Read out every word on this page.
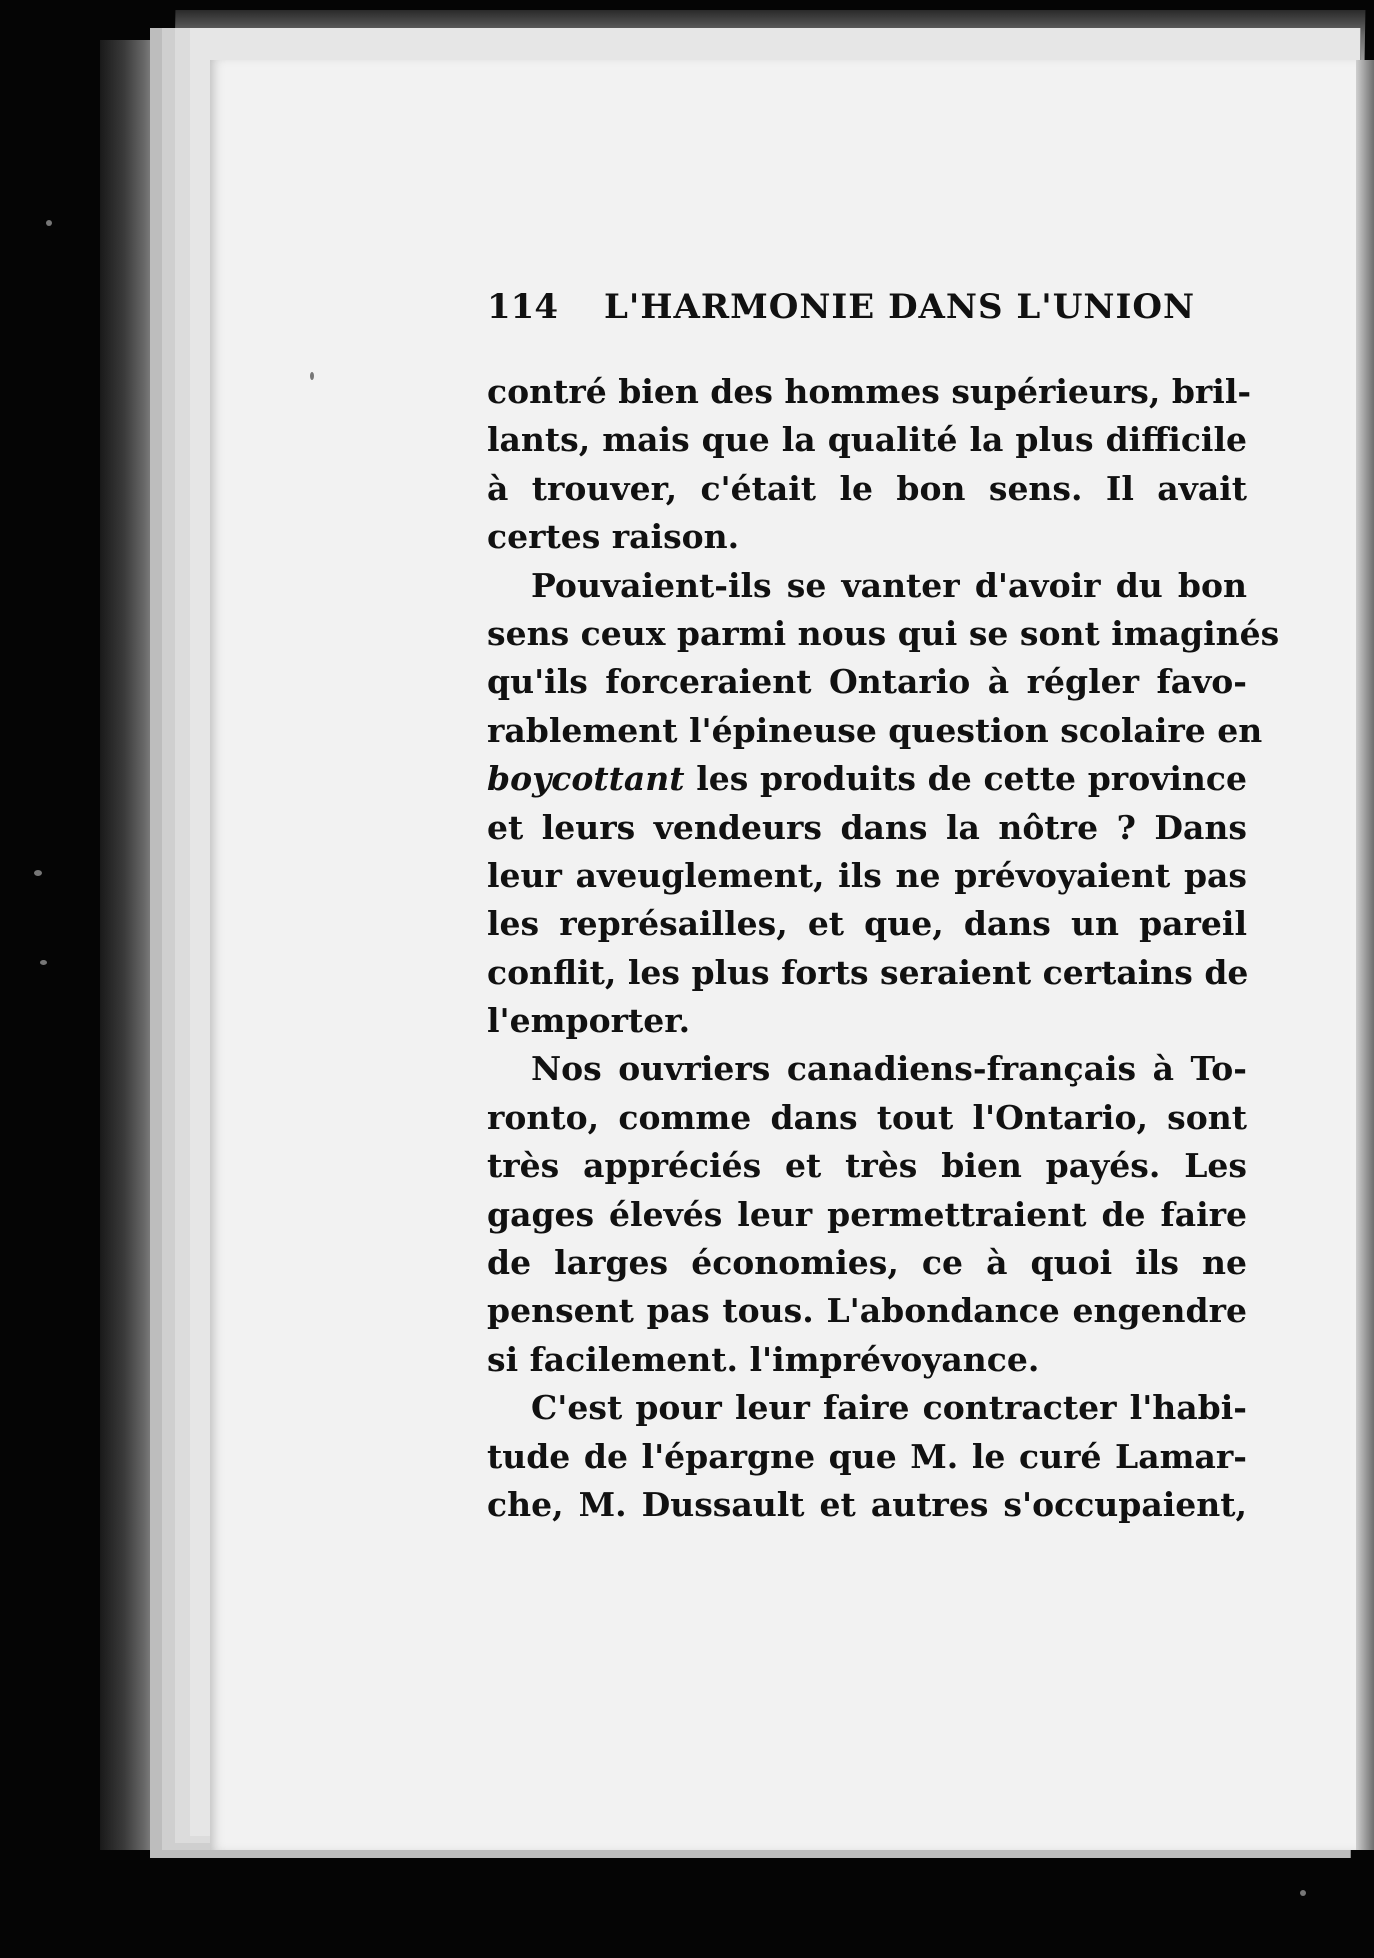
114 L'HARMONIE DANS L'UNION
contré bien des hommes supérieurs, bril-
lants, mais que la qualité la plus difficile
à trouver, c'était le bon sens. Il avait
certes raison.
Pouvaient-ils se vanter d'avoir du bon
sens ceux parmi nous qui se sont imaginés
qu'ils forceraient Ontario à régler favo-
rablement l'épineuse question scolaire en
boycottant les produits de cette province
et leurs vendeurs dans la nôtre ? Dans
leur aveuglement, ils ne prévoyaient pas
les représailles, et que, dans un pareil
conflit, les plus forts seraient certains de
l'emporter.
Nos ouvriers canadiens-français à To-
ronto, comme dans tout l'Ontario, sont
très appréciés et très bien payés. Les
gages élevés leur permettraient de faire
de larges économies, ce à quoi ils ne
pensent pas tous. L'abondance engendre
si facilement. l'imprévoyance.
C'est pour leur faire contracter l'habi-
tude de l'épargne que M. le curé Lamar-
che, M. Dussault et autres s'occupaient,
